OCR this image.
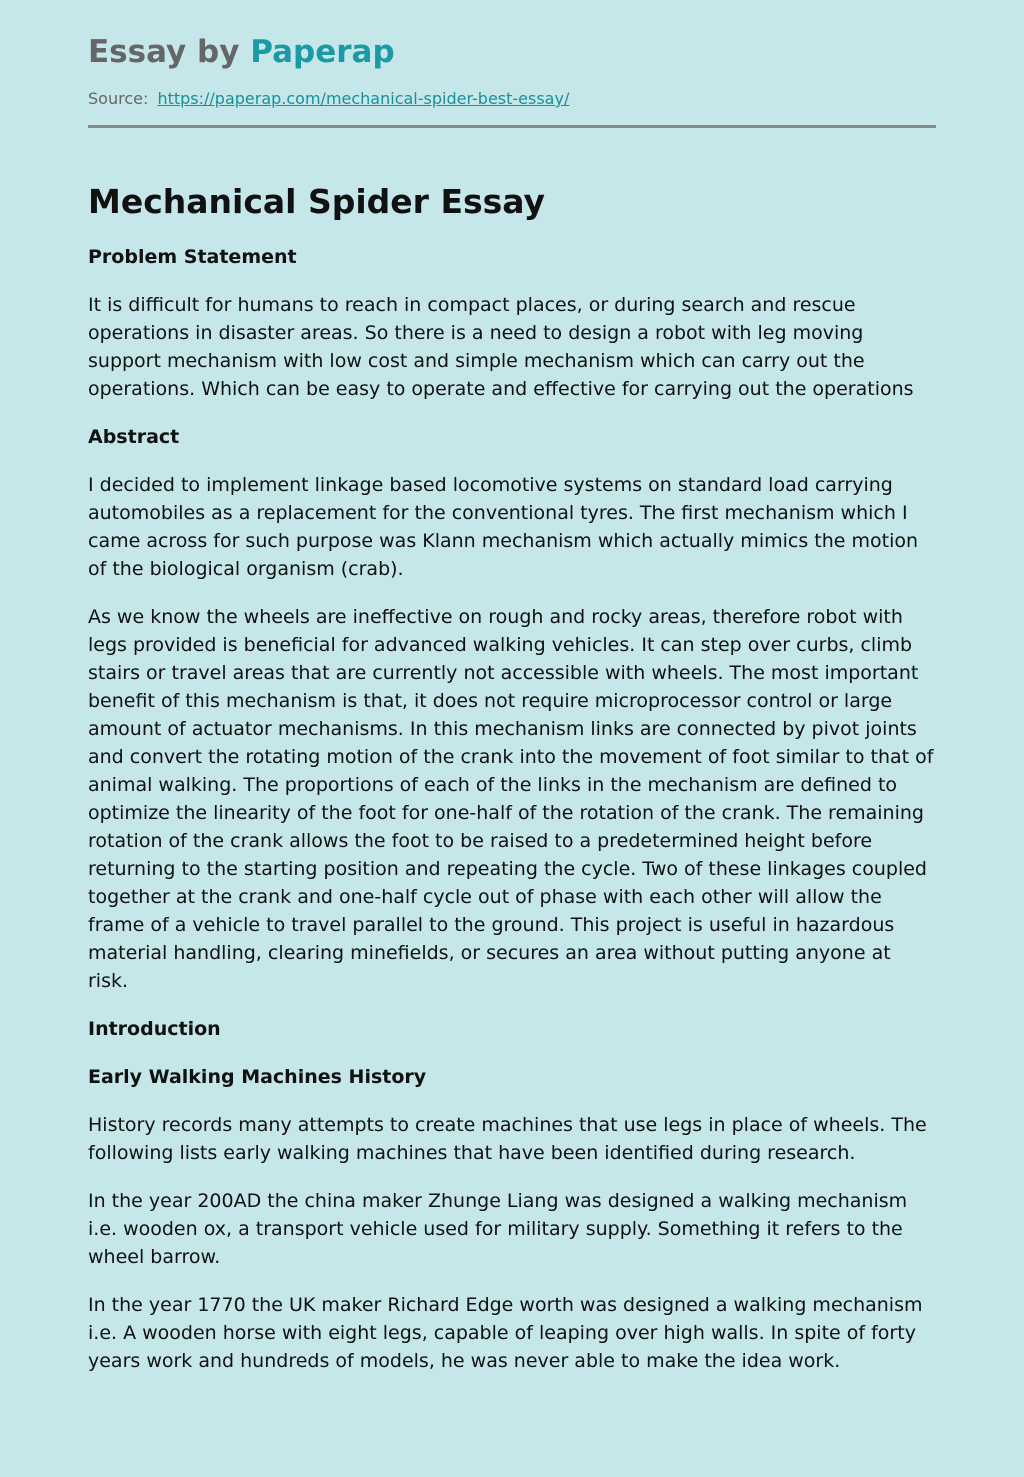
Essay by Paperap
Source: https://paperap.com/mechanical-spider-best-essay/
Mechanical Spider Essay
Problem Statement

It is difficult for humans to reach in compact places, or during search and rescue operations in disaster areas. So there is a need to design a robot with leg moving support mechanism with low cost and simple mechanism which can carry out the operations. Which can be easy to operate and effective for carrying out the operations

Abstract

I decided to implement linkage based locomotive systems on standard load carrying automobiles as a replacement for the conventional tyres. The first mechanism which I came across for such purpose was Klann mechanism which actually mimics the motion of the biological organism (crab).

As we know the wheels are ineffective on rough and rocky areas, therefore robot with legs provided is beneficial for advanced walking vehicles. It can step over curbs, climb stairs or travel areas that are currently not accessible with wheels. The most important benefit of this mechanism is that, it does not require microprocessor control or large amount of actuator mechanisms. In this mechanism links are connected by pivot joints and convert the rotating motion of the crank into the movement of foot similar to that of animal walking. The proportions of each of the links in the mechanism are defined to optimize the linearity of the foot for one-half of the rotation of the crank. The remaining rotation of the crank allows the foot to be raised to a predetermined height before returning to the starting position and repeating the cycle. Two of these linkages coupled together at the crank and one-half cycle out of phase with each other will allow the frame of a vehicle to travel parallel to the ground. This project is useful in hazardous material handling, clearing minefields, or secures an area without putting anyone at risk.

Introduction
Early Walking Machines History

History records many attempts to create machines that use legs in place of wheels. The following lists early walking machines that have been identified during research.

In the year 200AD the china maker Zhunge Liang was designed a walking mechanism i.e. wooden ox, a transport vehicle used for military supply. Something it refers to the wheel barrow.

In the year 1770 the UK maker Richard Edge worth was designed a walking mechanism i.e. A wooden horse with eight legs, capable of leaping over high walls. In spite of forty years work and hundreds of models, he was never able to make the idea work.
